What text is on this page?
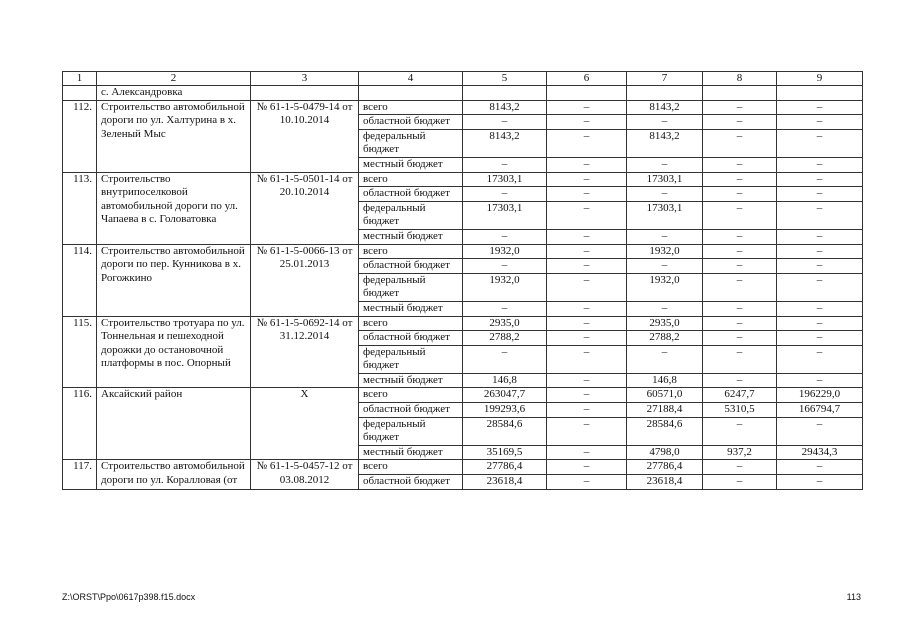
1	2	3	4	5	6	7	8	9
	с. Александровка							
112.	Строительство автомобильной дороги по ул. Халтурина в х. Зеленый Мыс	№ 61-1-5-0479-14 от 10.10.2014	всего	8143,2	–	8143,2	–	–

			областной бюджет	–	–	–	–	–

			федеральный бюджет	8143,2	–	8143,2	–	–

			местный бюджет	–	–	–	–	–

113.	Строительство внутрипоселковой автомобильной дороги по ул. Чапаева в с. Головатовка	№ 61-1-5-0501-14 от 20.10.2014	всего	17303,1	–	17303,1	–	–

			областной бюджет	–	–	–	–	–

			федеральный бюджет	17303,1	–	17303,1	–	–

			местный бюджет	–	–	–	–	–

114.	Строительство автомобильной дороги по пер. Кунникова в х. Рогожкино	№ 61-1-5-0066-13 от 25.01.2013	всего	1932,0	–	1932,0	–	–

			областной бюджет	–	–	–	–	–

			федеральный бюджет	1932,0	–	1932,0	–	–

			местный бюджет	–	–	–	–	–

115.	Строительство тротуара по ул. Тоннельная и пешеходной дорожки до остановочной платформы в пос. Опорный	№ 61-1-5-0692-14 от 31.12.2014	всего	2935,0	–	2935,0	–	–

			областной бюджет	2788,2	–	2788,2	–	–

			федеральный бюджет	–	–	–	–	–

			местный бюджет	146,8	–	146,8	–	–

116.	Аксайский район	Х	всего	263047,7	–	60571,0	6247,7	196229,0

			областной бюджет	199293,6	–	27188,4	5310,5	166794,7

			федеральный бюджет	28584,6	–	28584,6	–	–

			местный бюджет	35169,5	–	4798,0	937,2	29434,3

117.	Строительство автомобильной дороги по ул. Коралловая (от	№ 61-1-5-0457-12 от 03.08.2012	всего	27786,4	–	27786,4	–	–

			областной бюджет	23618,4	–	23618,4	–	–

Z:\ORST\Ppo\0617p398.f15.docx	113
